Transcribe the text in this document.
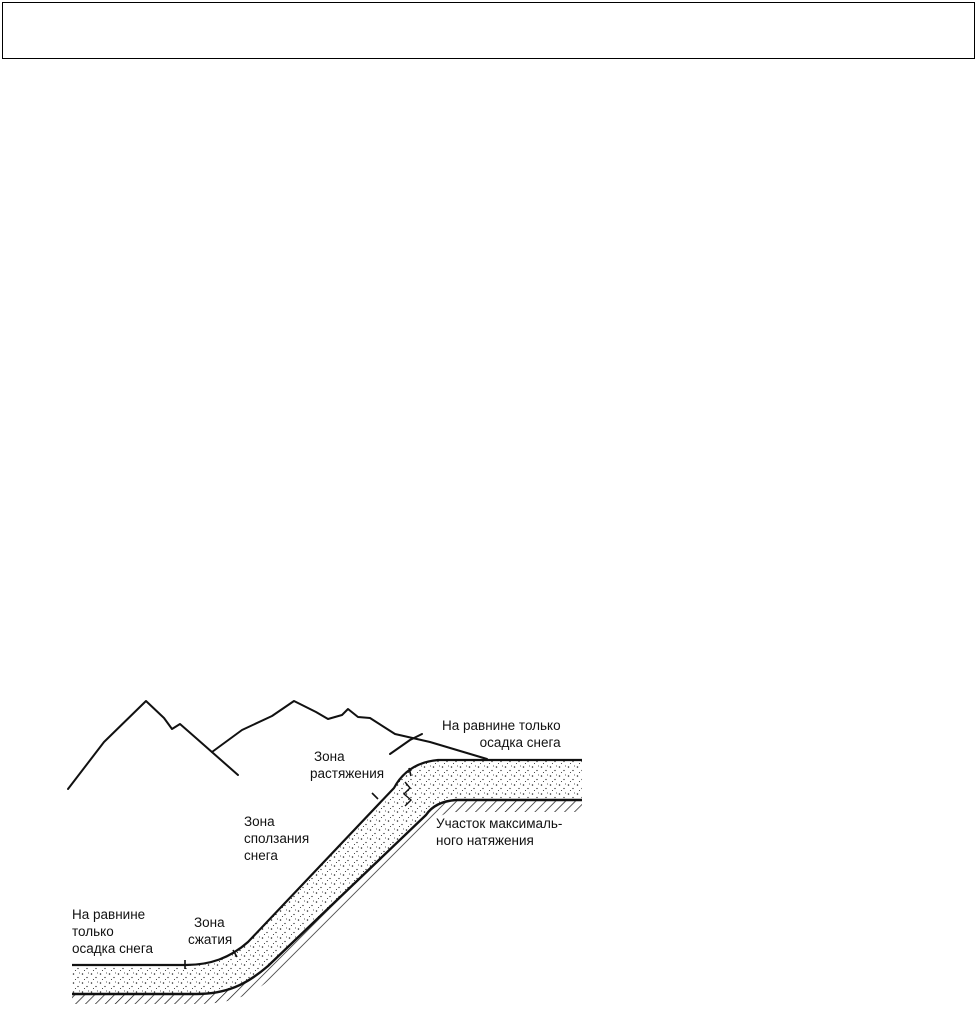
На равнине только
осадка снега
Зона
растяжения
Зона
сползания
снега
Участок максималь-
ного натяжения
На равнине
только
осадка снега
Зона
сжатия
